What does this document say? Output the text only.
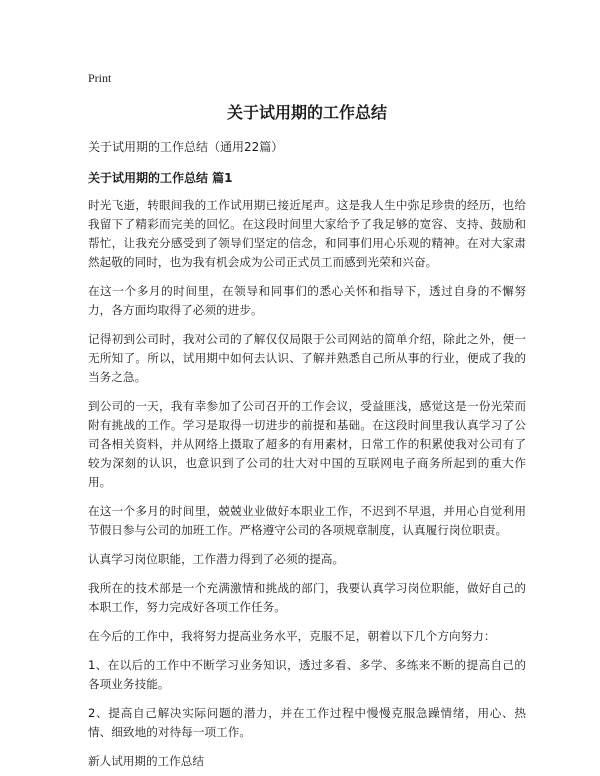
Print
关于试用期的工作总结
关于试用期的工作总结（通用22篇）
关于试用期的工作总结 篇1

时光飞逝，转眼间我的工作试用期已接近尾声。这是我人生中弥足珍贵的经历，也给我留下了精彩而完美的回忆。在这段时间里大家给予了我足够的宽容、支持、鼓励和帮忙，让我充分感受到了领导们坚定的信念，和同事们用心乐观的精神。在对大家肃然起敬的同时，也为我有机会成为公司正式员工而感到光荣和兴奋。

在这一个多月的时间里，在领导和同事们的悉心关怀和指导下，透过自身的不懈努力，各方面均取得了必须的进步。

记得初到公司时，我对公司的了解仅仅局限于公司网站的简单介绍，除此之外，便一无所知了。所以，试用期中如何去认识、了解并熟悉自己所从事的行业，便成了我的当务之急。

到公司的一天，我有幸参加了公司召开的工作会议，受益匪浅，感觉这是一份光荣而附有挑战的工作。学习是取得一切进步的前提和基础。在这段时间里我认真学习了公司各相关资料，并从网络上摄取了超多的有用素材，日常工作的积累使我对公司有了较为深刻的认识，也意识到了公司的壮大对中国的互联网电子商务所起到的重大作用。

在这一个多月的时间里，兢兢业业做好本职业工作，不迟到不早退，并用心自觉利用节假日参与公司的加班工作。严格遵守公司的各项规章制度，认真履行岗位职责。

认真学习岗位职能，工作潜力得到了必须的提高。

我所在的技术部是一个充满激情和挑战的部门，我要认真学习岗位职能，做好自己的本职工作，努力完成好各项工作任务。

在今后的工作中，我将努力提高业务水平，克服不足，朝着以下几个方向努力：

1、在以后的工作中不断学习业务知识，透过多看、多学、多练来不断的提高自己的各项业务技能。

2、提高自己解决实际问题的潜力，并在工作过程中慢慢克服急躁情绪，用心、热情、细致地的对待每一项工作。

新人试用期的工作总结
